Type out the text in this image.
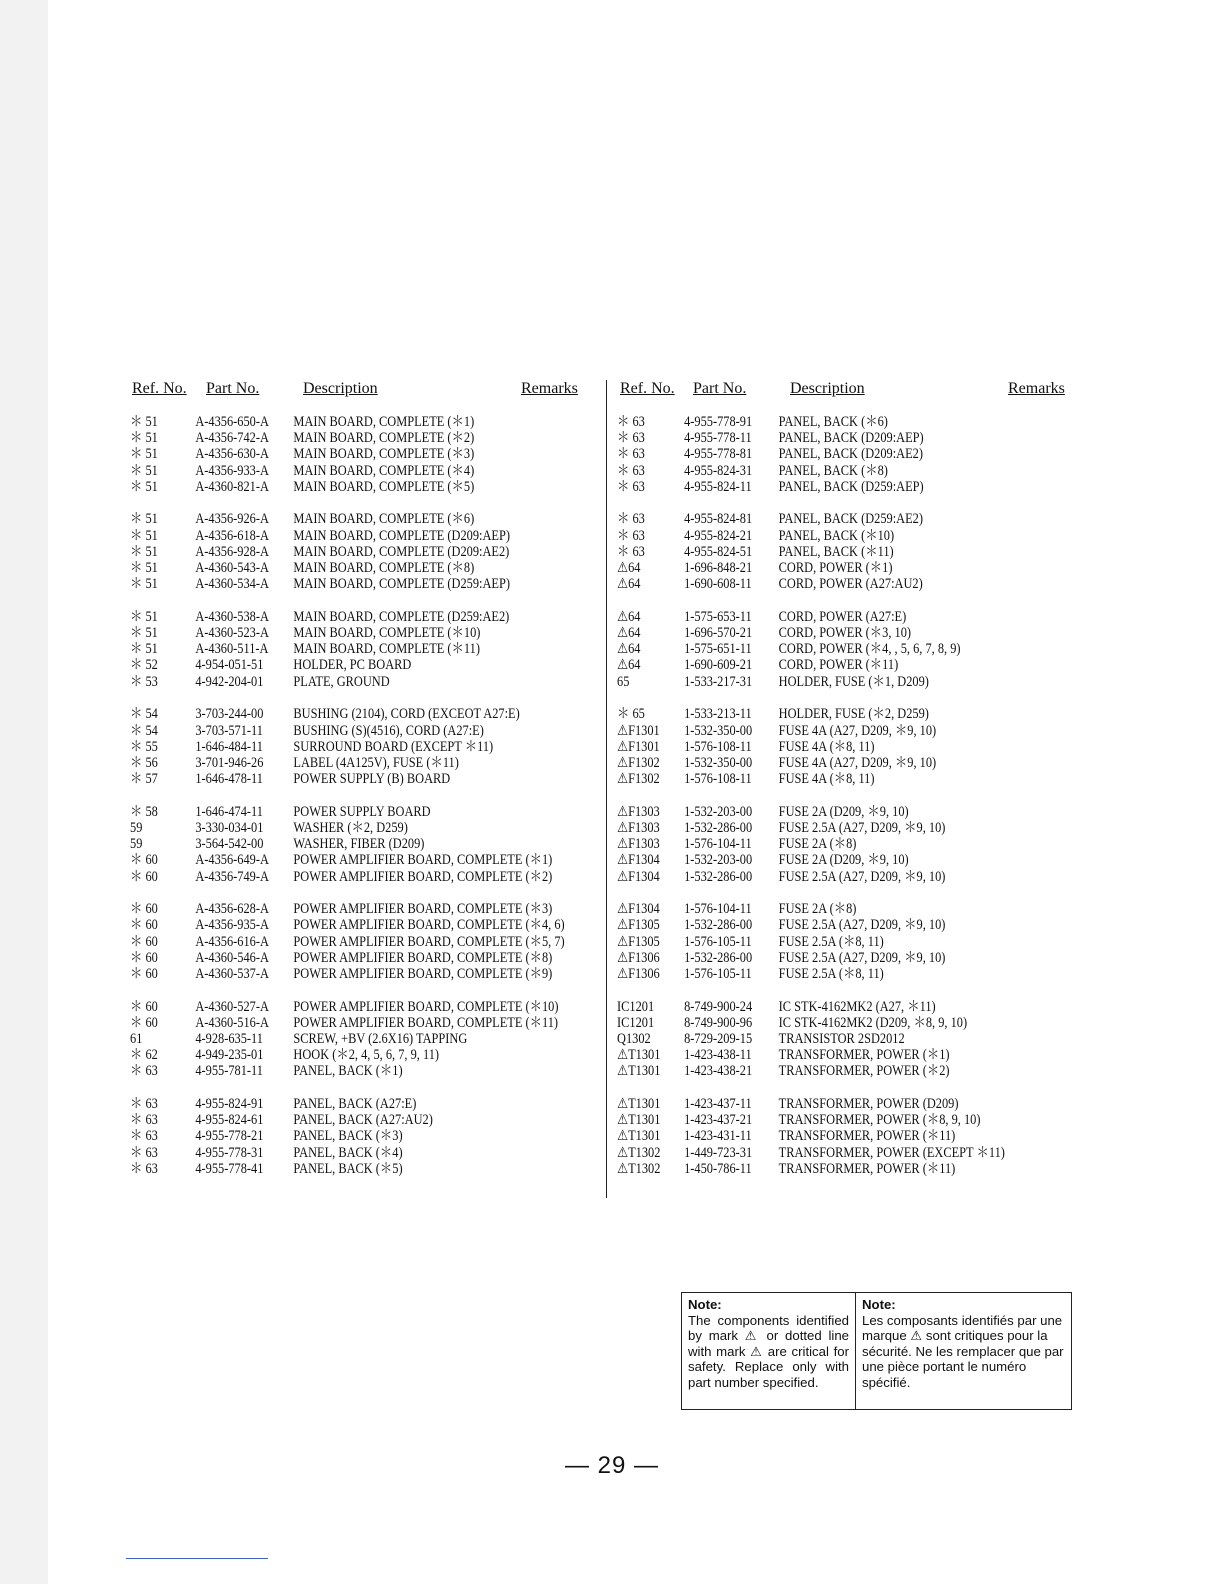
Ref. No. Part No.	Description	Remarks
＊ 51	A-4356-650-A MAIN BOARD, COMPLETE (＊1)
＊ 51	A-4356-742-A MAIN BOARD, COMPLETE (＊2)
＊ 51	A-4356-630-A MAIN BOARD, COMPLETE (＊3)
＊ 51	A-4356-933-A MAIN BOARD, COMPLETE (＊4)
＊ 51	A-4360-821-A MAIN BOARD, COMPLETE (＊5)
＊ 51	A-4356-926-A MAIN BOARD, COMPLETE (＊6)
＊ 51	A-4356-618-A MAIN BOARD, COMPLETE (D209:AEP)
＊ 51	A-4356-928-A MAIN BOARD, COMPLETE (D209:AE2)
＊ 51	A-4360-543-A MAIN BOARD, COMPLETE (＊8)
＊ 51	A-4360-534-A MAIN BOARD, COMPLETE (D259:AEP)
＊ 51	A-4360-538-A MAIN BOARD, COMPLETE (D259:AE2)
＊ 51	A-4360-523-A MAIN BOARD, COMPLETE (＊10)
＊ 51	A-4360-511-A MAIN BOARD, COMPLETE (＊11)
＊ 52	4-954-051-51 HOLDER, PC BOARD
＊ 53	4-942-204-01 PLATE, GROUND
＊ 54	3-703-244-00 BUSHING (2104), CORD (EXCEOT A27:E)
＊ 54	3-703-571-11 BUSHING (S)(4516), CORD (A27:E)
＊ 55	1-646-484-11 SURROUND BOARD (EXCEPT ＊11)
＊ 56	3-701-946-26 LABEL (4A125V), FUSE (＊11)
＊ 57	1-646-478-11 POWER SUPPLY (B) BOARD
＊ 58	1-646-474-11 POWER SUPPLY BOARD
59	3-330-034-01 WASHER (＊2, D259)
59	3-564-542-00 WASHER, FIBER (D209)
＊ 60	A-4356-649-A POWER AMPLIFIER BOARD, COMPLETE (＊1)
＊ 60	A-4356-749-A POWER AMPLIFIER BOARD, COMPLETE (＊2)
＊ 60	A-4356-628-A POWER AMPLIFIER BOARD, COMPLETE (＊3)
＊ 60	A-4356-935-A POWER AMPLIFIER BOARD, COMPLETE (＊4, 6)
＊ 60	A-4356-616-A POWER AMPLIFIER BOARD, COMPLETE (＊5, 7)
＊ 60	A-4360-546-A POWER AMPLIFIER BOARD, COMPLETE (＊8)
＊ 60	A-4360-537-A POWER AMPLIFIER BOARD, COMPLETE (＊9)
＊ 60	A-4360-527-A POWER AMPLIFIER BOARD, COMPLETE (＊10)
＊ 60	A-4360-516-A POWER AMPLIFIER BOARD, COMPLETE (＊11)
61	4-928-635-11 SCREW, +BV (2.6X16) TAPPING
＊ 62	4-949-235-01 HOOK (＊2, 4, 5, 6, 7, 9, 11)
＊ 63	4-955-781-11 PANEL, BACK (＊1)
＊ 63	4-955-824-91 PANEL, BACK (A27:E)
＊ 63	4-955-824-61 PANEL, BACK (A27:AU2)
＊ 63	4-955-778-21 PANEL, BACK (＊3)
＊ 63	4-955-778-31 PANEL, BACK (＊4)
＊ 63	4-955-778-41 PANEL, BACK (＊5)
Ref. No. Part No.	Description	Remarks
＊ 63	4-955-778-91 PANEL, BACK (＊6)
＊ 63	4-955-778-11 PANEL, BACK (D209:AEP)
＊ 63	4-955-778-81 PANEL, BACK (D209:AE2)
＊ 63	4-955-824-31 PANEL, BACK (＊8)
＊ 63	4-955-824-11 PANEL, BACK (D259:AEP)
＊ 63	4-955-824-81 PANEL, BACK (D259:AE2)
＊ 63	4-955-824-21 PANEL, BACK (＊10)
＊ 63	4-955-824-51 PANEL, BACK (＊11)
⚠64	1-696-848-21 CORD, POWER (＊1)
⚠64	1-690-608-11 CORD, POWER (A27:AU2)
⚠64	1-575-653-11 CORD, POWER (A27:E)
⚠64	1-696-570-21 CORD, POWER (＊3, 10)
⚠64	1-575-651-11 CORD, POWER (＊4, , 5, 6, 7, 8, 9)
⚠64	1-690-609-21 CORD, POWER (＊11)
65	1-533-217-31 HOLDER, FUSE (＊1, D209)
＊ 65	1-533-213-11 HOLDER, FUSE (＊2, D259)
⚠F1301 1-532-350-00 FUSE 4A (A27, D209, ＊9, 10)
⚠F1301 1-576-108-11 FUSE 4A (＊8, 11)
⚠F1302 1-532-350-00 FUSE 4A (A27, D209, ＊9, 10)
⚠F1302 1-576-108-11 FUSE 4A (＊8, 11)
⚠F1303 1-532-203-00 FUSE 2A (D209, ＊9, 10)
⚠F1303 1-532-286-00 FUSE 2.5A (A27, D209, ＊9, 10)
⚠F1303 1-576-104-11 FUSE 2A (＊8)
⚠F1304 1-532-203-00 FUSE 2A (D209, ＊9, 10)
⚠F1304 1-532-286-00 FUSE 2.5A (A27, D209, ＊9, 10)
⚠F1304 1-576-104-11 FUSE 2A (＊8)
⚠F1305 1-532-286-00 FUSE 2.5A (A27, D209, ＊9, 10)
⚠F1305 1-576-105-11 FUSE 2.5A (＊8, 11)
⚠F1306 1-532-286-00 FUSE 2.5A (A27, D209, ＊9, 10)
⚠F1306 1-576-105-11 FUSE 2.5A (＊8, 11)
IC1201 8-749-900-24 IC STK-4162MK2 (A27, ＊11)
IC1201 8-749-900-96 IC STK-4162MK2 (D209, ＊8, 9, 10)
Q1302 8-729-209-15 TRANSISTOR 2SD2012
⚠T1301 1-423-438-11 TRANSFORMER, POWER (＊1)
⚠T1301 1-423-438-21 TRANSFORMER, POWER (＊2)
⚠T1301 1-423-437-11 TRANSFORMER, POWER (D209)
⚠T1301 1-423-437-21 TRANSFORMER, POWER (＊8, 9, 10)
⚠T1301 1-423-431-11 TRANSFORMER, POWER (＊11)
⚠T1302 1-449-723-31 TRANSFORMER, POWER (EXCEPT ＊11)
⚠T1302 1-450-786-11 TRANSFORMER, POWER (＊11)
Note:
The components identified by mark ⚠ or dotted line with mark ⚠ are critical for safety. Replace only with part number specified.
Note:
Les composants identifiés par une marque ⚠ sont critiques pour la sécurité. Ne les remplacer que par une pièce portant le numéro spécifié.
— 29 —
